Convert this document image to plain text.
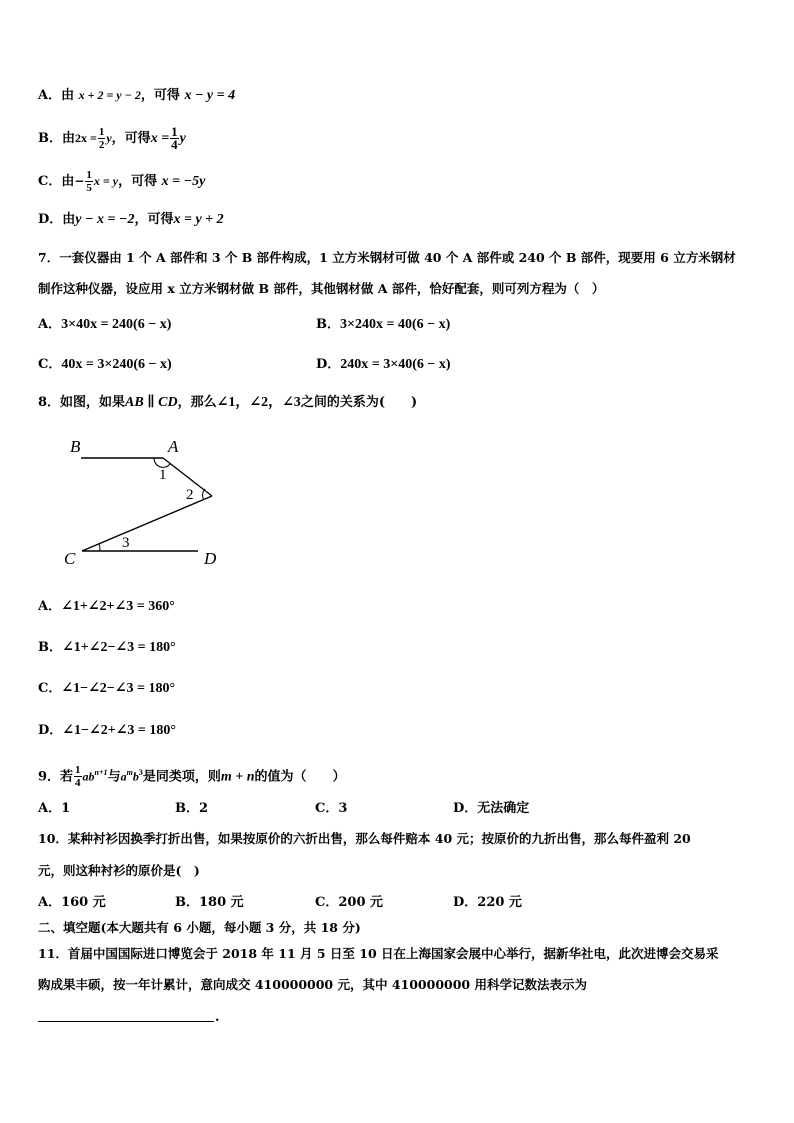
A．由 x + 2 = y − 2，可得 x − y = 4
B．由$2x = \frac{1}{2}$ y，可得$x = \frac{1}{4}$ y
C．由− $\frac{1}{5}$ x = y，可得 x = −5y
D．由y − x = −2，可得x = y + 2
7．一套仪器由 1 个 A 部件和 3 个 B 部件构成，1 立方米钢材可做 40 个 A 部件或 240 个 B 部件，现要用 6 立方米钢材
制作这种仪器，设应用 x 立方米钢材做 B 部件，其他钢材做 A 部件，恰好配套，则可列方程为（　）
A．3×40x = 240(6 − x)	B．3×240x = 40(6 − x)
C．40x = 3×240(6 − x)	D．240x = 3×40(6 − x)
8．如图，如果AB ∥ CD，那么∠1，∠2，∠3之间的关系为(　　)
B	A
C	D
1
2
3
A．∠1+∠2+∠3 = 360°
B．∠1+∠2−∠3 = 180°
C．∠1−∠2−∠3 = 180°
D．∠1−∠2+∠3 = 180°
9．若 $\frac{1}{4} ab^{n+1}$与$a^mb^3$是同类项，则m + n的值为（　　）
A．1	B．2	C．3	D．无法确定
10．某种衬衫因换季打折出售，如果按原价的六折出售，那么每件赔本 40 元；按原价的九折出售，那么每件盈利 20
元，则这种衬衫的原价是(　)
A．160 元	B．180 元	C．200 元	D．220 元
二、填空题(本大题共有 6 小题，每小题 3 分，共 18 分)
11．首届中国国际进口博览会于 2018 年 11 月 5 日至 10 日在上海国家会展中心举行，据新华社电，此次进博会交易采
购成果丰硕，按一年计累计，意向成交 410000000 元，其中 410000000 用科学记数法表示为
.
